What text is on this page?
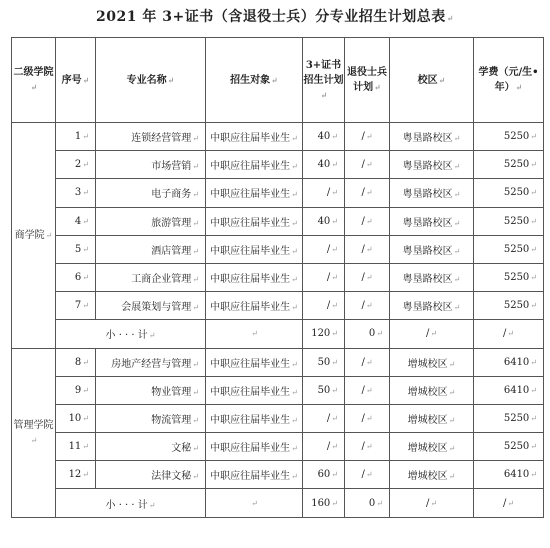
2021 年 3+证书（含退役士兵）分专业招生计划总表↵
二级学院↵	序号↵	专业名称↵	招生对象↵	3+证书招生计划↵	退役士兵计划↵	校区↵	学费（元/生•年）↵
商学院↵	1↵	连锁经营管理↵	中职应往届毕业生↵	40↵	/↵	粤垦路校区↵	5250↵
	2↵	市场营销↵	中职应往届毕业生↵	40↵	/↵	粤垦路校区↵	5250↵
	3↵	电子商务↵	中职应往届毕业生↵	/↵	/↵	粤垦路校区↵	5250↵
	4↵	旅游管理↵	中职应往届毕业生↵	40↵	/↵	粤垦路校区↵	5250↵
	5↵	酒店管理↵	中职应往届毕业生↵	/↵	/↵	粤垦路校区↵	5250↵
	6↵	工商企业管理↵	中职应往届毕业生↵	/↵	/↵	粤垦路校区↵	5250↵
	7↵	会展策划与管理↵	中职应往届毕业生↵	/↵	/↵	粤垦路校区↵	5250↵
	小 · · · 计↵		↵	120↵	0↵	/↵	/↵
管理学院↵	8↵	房地产经营与管理↵	中职应往届毕业生↵	50↵	/↵	增城校区↵	6410↵
	9↵	物业管理↵	中职应往届毕业生↵	50↵	/↵	增城校区↵	6410↵
	10↵	物流管理↵	中职应往届毕业生↵	/↵	/↵	增城校区↵	5250↵
	11↵	文秘↵	中职应往届毕业生↵	/↵	/↵	增城校区↵	5250↵
	12↵	法律文秘↵	中职应往届毕业生↵	60↵	/↵	增城校区↵	6410↵
	小 · · · 计↵		↵	160↵	0↵	/↵	/↵
